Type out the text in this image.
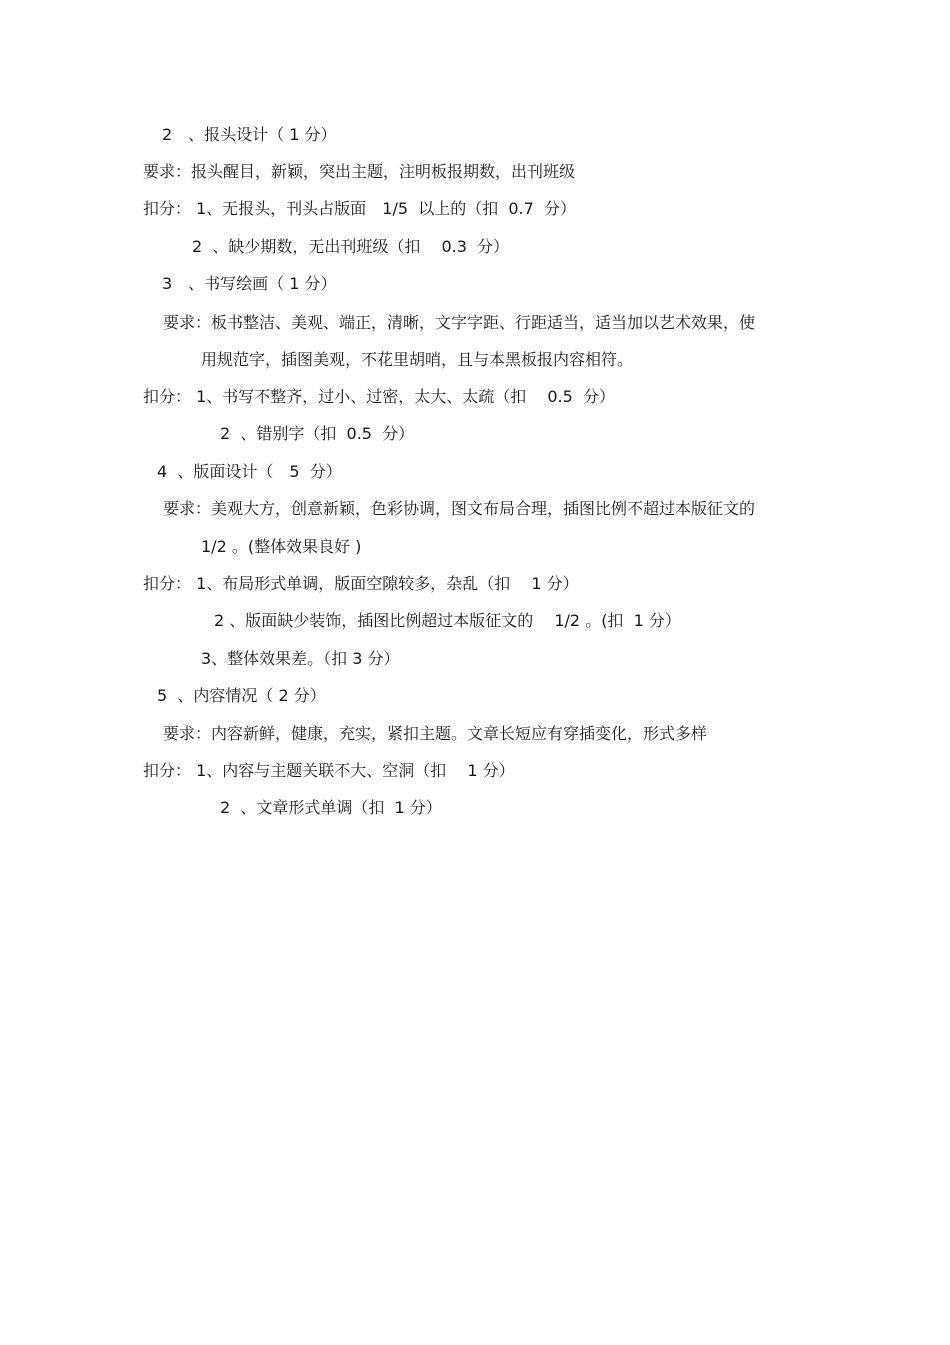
2　、报头设计（ 1 分）
要求：报头醒目，新颖，突出主题，注明板报期数，出刊班级
扣分： 1、无报头，刊头占版面　1/5  以上的（扣  0.7  分）
2  、缺少期数，无出刊班级（扣　 0.3  分）
3　、书写绘画（ 1 分）
要求：板书整洁、美观、端正，清晰，文字字距、行距适当，适当加以艺术效果，使
用规范字，插图美观，不花里胡哨，且与本黑板报内容相符。
扣分： 1、书写不整齐，过小、过密，太大、太疏（扣　 0.5  分）
2  、错别字（扣  0.5  分）
4  、版面设计（　5  分）
要求：美观大方，创意新颖，色彩协调，图文布局合理，插图比例不超过本版征文的
1/2 。(整体效果良好 )
扣分： 1、布局形式单调，版面空隙较多，杂乱（扣　 1 分）
2 、版面缺少装饰，插图比例超过本版征文的　 1/2 。(扣  1 分）
3、整体效果差。（扣 3 分）
5  、内容情况（ 2 分）
要求：内容新鲜，健康，充实，紧扣主题。文章长短应有穿插变化，形式多样
扣分： 1、内容与主题关联不大、空洞（扣　 1 分）
2  、文章形式单调（扣  1 分）
